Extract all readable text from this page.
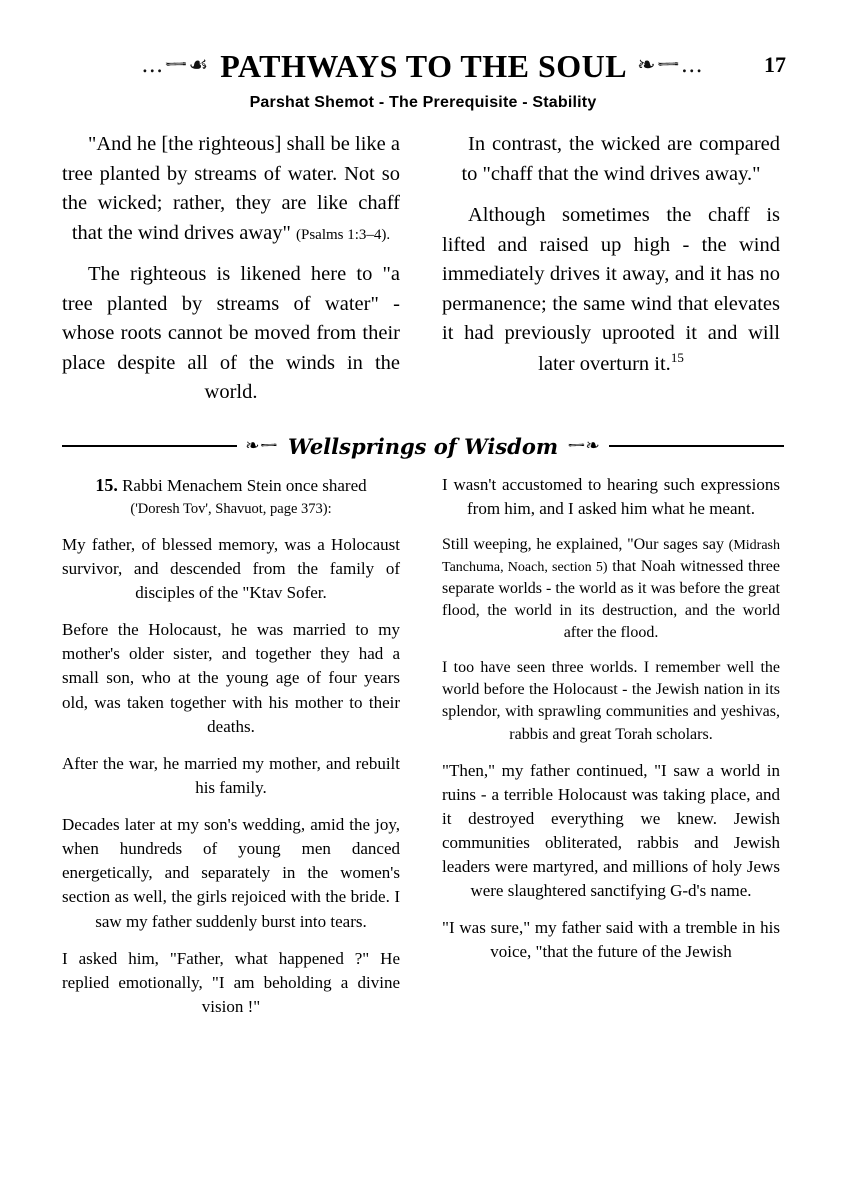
…ᆖ☙ PATHWAYS TO THE SOUL ❧ᆖ…	17
Parshat Shemot - The Prerequisite - Stability

"And he [the righteous] shall be like a tree planted by streams of water. Not so the wicked; rather, they are like chaff that the wind drives away" (Psalms 1:3–4).

The righteous is likened here to "a tree planted by streams of water" - whose roots cannot be moved from their place despite all of the winds in the world.

In contrast, the wicked are compared to "chaff that the wind drives away."

Although sometimes the chaff is lifted and raised up high - the wind immediately drives it away, and it has no permanence; the same wind that elevates it had previously uprooted it and will later overturn it.$^{15}$

❧ᆖ Wellsprings of Wisdom ᆖ❧

15. Rabbi Menachem Stein once shared
('Doresh Tov', Shavuot, page 373):

My father, of blessed memory, was a Holocaust survivor, and descended from the family of disciples of the "Ktav Sofer.

Before the Holocaust, he was married to my mother's older sister, and together they had a small son, who at the young age of four years old, was taken together with his mother to their deaths.

After the war, he married my mother, and rebuilt his family.

Decades later at my son's wedding, amid the joy, when hundreds of young men danced energetically, and separately in the women's section as well, the girls rejoiced with the bride. I saw my father suddenly burst into tears.

I asked him, "Father, what happened ?" He replied emotionally, "I am beholding a divine vision !"

I wasn't accustomed to hearing such expressions from him, and I asked him what he meant.

Still weeping, he explained, "Our sages say (Midrash Tanchuma, Noach, section 5) that Noah witnessed three separate worlds - the world as it was before the great flood, the world in its destruction, and the world after the flood.

I too have seen three worlds. I remember well the world before the Holocaust - the Jewish nation in its splendor, with sprawling communities and yeshivas, rabbis and great Torah scholars.

"Then," my father continued, "I saw a world in ruins - a terrible Holocaust was taking place, and it destroyed everything we knew. Jewish communities obliterated, rabbis and Jewish leaders were martyred, and millions of holy Jews were slaughtered sanctifying G-d's name.

"I was sure," my father said with a tremble in his voice, "that the future of the Jewish
